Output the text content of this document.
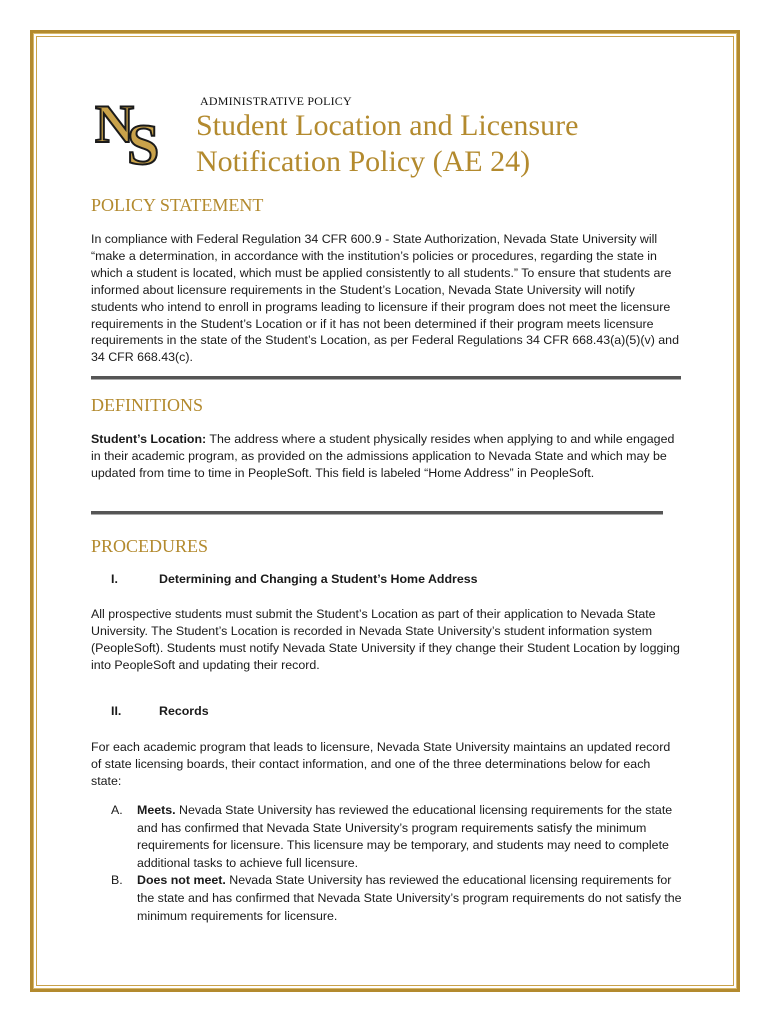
N
S
ADMINISTRATIVE POLICY
Student Location and Licensure
Notification Policy (AE 24)
POLICY STATEMENT
In compliance with Federal Regulation 34 CFR 600.9 - State Authorization, Nevada State University will “make a determination, in accordance with the institution’s policies or procedures, regarding the state in which a student is located, which must be applied consistently to all students.” To ensure that students are informed about licensure requirements in the Student’s Location, Nevada State University will notify students who intend to enroll in programs leading to licensure if their program does not meet the licensure requirements in the Student’s Location or if it has not been determined if their program meets licensure requirements in the state of the Student’s Location, as per Federal Regulations 34 CFR 668.43(a)(5)(v) and 34 CFR 668.43(c).
DEFINITIONS
Student’s Location: The address where a student physically resides when applying to and while engaged in their academic program, as provided on the admissions application to Nevada State and which may be updated from time to time in PeopleSoft. This field is labeled “Home Address” in PeopleSoft.
PROCEDURES
I.	Determining and Changing a Student’s Home Address
All prospective students must submit the Student’s Location as part of their application to Nevada State University. The Student’s Location is recorded in Nevada State University’s student information system (PeopleSoft). Students must notify Nevada State University if they change their Student Location by logging into PeopleSoft and updating their record.
II.	Records
For each academic program that leads to licensure, Nevada State University maintains an updated record of state licensing boards, their contact information, and one of the three determinations below for each state:
A. Meets. Nevada State University has reviewed the educational licensing requirements for the state and has confirmed that Nevada State University’s program requirements satisfy the minimum requirements for licensure. This licensure may be temporary, and students may need to complete additional tasks to achieve full licensure.
B. Does not meet. Nevada State University has reviewed the educational licensing requirements for the state and has confirmed that Nevada State University’s program requirements do not satisfy the minimum requirements for licensure.
